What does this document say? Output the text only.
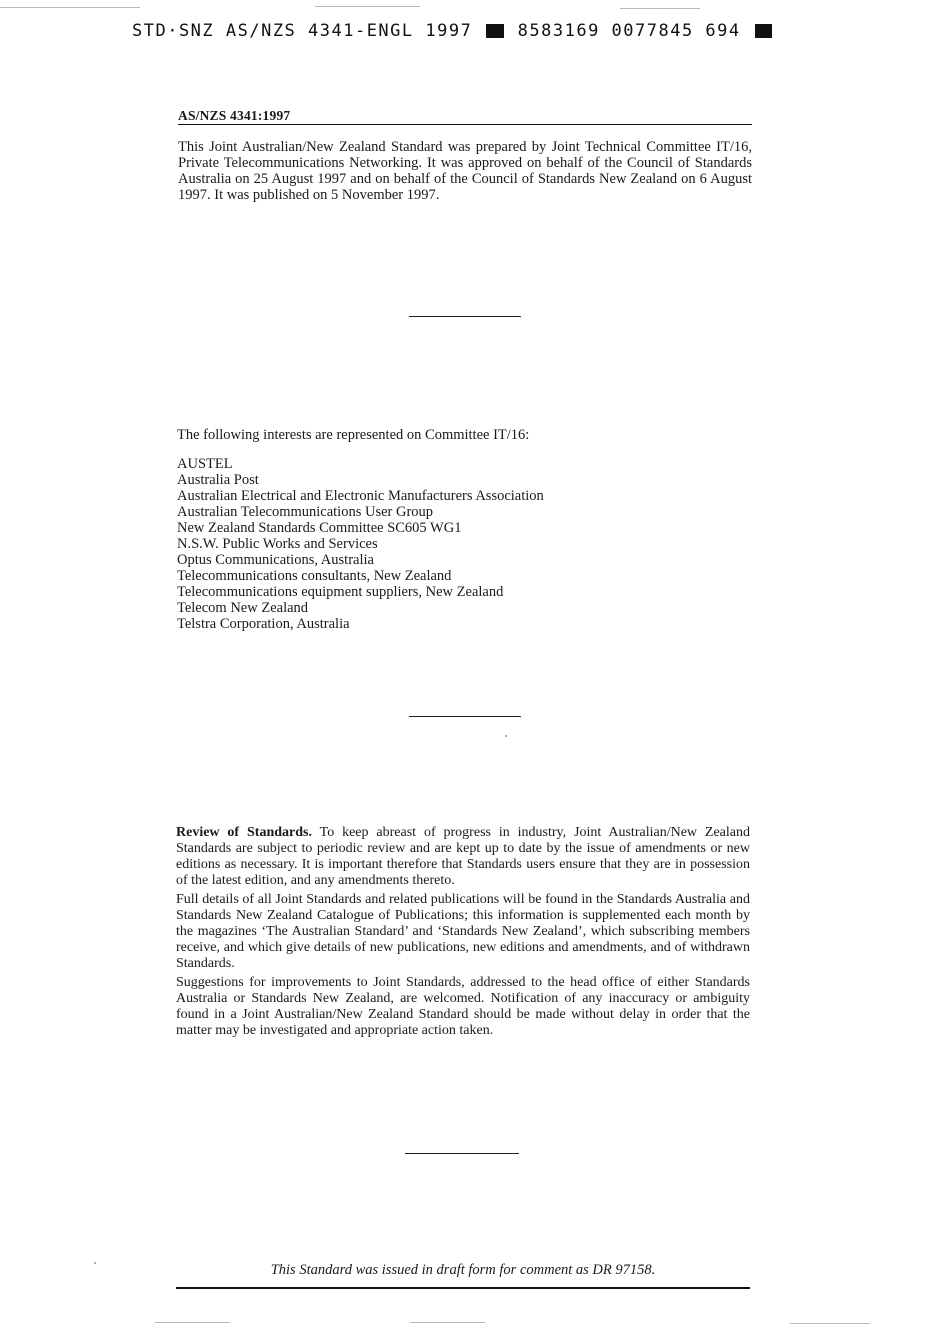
STD·SNZ AS/NZS 4341-ENGL 1997	8583169 0077845 694
AS/NZS 4341:1997

This Joint Australian/New Zealand Standard was prepared by Joint Technical Committee IT/16, Private Telecommunications Networking. It was approved on behalf of the Council of Standards Australia on 25 August 1997 and on behalf of the Council of Standards New Zealand on 6 August 1997. It was published on 5 November 1997.

The following interests are represented on Committee IT/16:

AUSTEL
Australia Post
Australian Electrical and Electronic Manufacturers Association
Australian Telecommunications User Group
New Zealand Standards Committee SC605 WG1
N.S.W. Public Works and Services
Optus Communications, Australia
Telecommunications consultants, New Zealand
Telecommunications equipment suppliers, New Zealand
Telecom New Zealand
Telstra Corporation, Australia

Review of Standards. To keep abreast of progress in industry, Joint Australian/New Zealand Standards are subject to periodic review and are kept up to date by the issue of amendments or new editions as necessary. It is important therefore that Standards users ensure that they are in possession of the latest edition, and any amendments thereto.

Full details of all Joint Standards and related publications will be found in the Standards Australia and Standards New Zealand Catalogue of Publications; this information is supplemented each month by the magazines ‘The Australian Standard’ and ‘Standards New Zealand’, which subscribing members receive, and which give details of new publications, new editions and amendments, and of withdrawn Standards.

Suggestions for improvements to Joint Standards, addressed to the head office of either Standards Australia or Standards New Zealand, are welcomed. Notification of any inaccuracy or ambiguity found in a Joint Australian/New Zealand Standard should be made without delay in order that the matter may be investigated and appropriate action taken.

This Standard was issued in draft form for comment as DR 97158.
